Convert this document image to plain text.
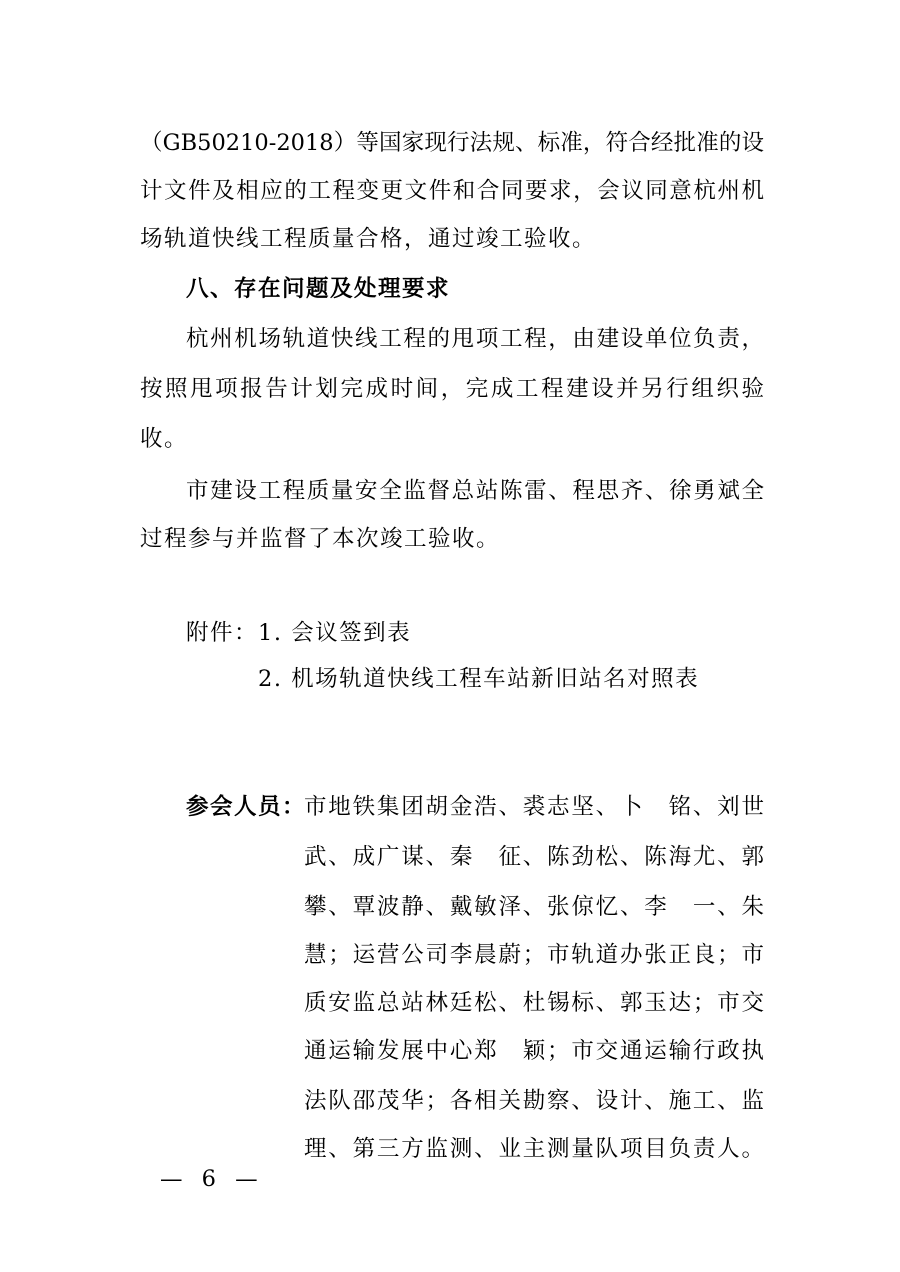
（GB50210-2018）等国家现行法规、标准，符合经批准的设
计文件及相应的工程变更文件和合同要求，会议同意杭州机
场轨道快线工程质量合格，通过竣工验收。
八、存在问题及处理要求
杭州机场轨道快线工程的甩项工程，由建设单位负责，
按照甩项报告计划完成时间，完成工程建设并另行组织验
收。
市建设工程质量安全监督总站陈雷、程思齐、徐勇斌全
过程参与并监督了本次竣工验收。
附件：1. 会议签到表
2. 机场轨道快线工程车站新旧站名对照表
参会人员：
市地铁集团胡金浩、裘志坚、卜　铭、刘世
武、成广谋、秦　征、陈劲松、陈海尤、郭
攀、覃波静、戴敏泽、张倞忆、李　一、朱
慧；运营公司李晨蔚；市轨道办张正良；市
质安监总站林廷松、杜锡标、郭玉达；市交
通运输发展中心郑　颖；市交通运输行政执
法队邵茂华；各相关勘察、设计、施工、监
理、第三方监测、业主测量队项目负责人。
— 6 —
